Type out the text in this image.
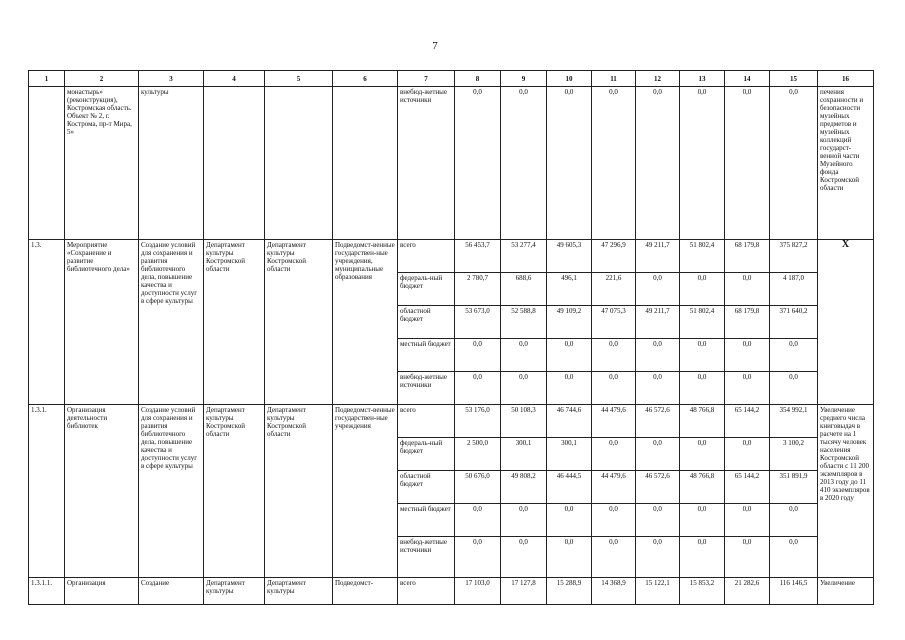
7
1	2	3	4	5	6	7	8	9	10	11	12	13	14	15	16
	монастырь» (реконструкция), Костромская область. Объект № 2, г. Кострома, пр-т Мира, 5»	культуры				внебюд-жетные источники	0,0	0,0	0,0	0,0	0,0	0,0	0,0	0,0	печения сохранности и безопасности музейных предметов и музейных коллекций государст-венной части Музейного фонда Костромской области
1.3.	Мероприятие «Сохранение и развитие библиотечного дела»	Создание условий для сохранения и развития библиотечного дела, повышение качества и доступности услуг в сфере культуры	Департамент культуры Костромской области	Департамент культуры Костромской области	Подведомст-венные государствен-ные учреждения, муниципальные образования	всего	56 453,7	53 277,4	49 605,3	47 296,9	49 211,7	51 802,4	68 179,8	375 827,2	Х
						федераль-ный бюджет	2 780,7	688,6	496,1	221,6	0,0	0,0	0,0	4 187,0	
						областной бюджет	53 673,0	52 588,8	49 109,2	47 075,3	49 211,7	51 802,4	68 179,8	371 640,2	
						местный бюджет	0,0	0,0	0,0	0,0	0,0	0,0	0,0	0,0	
						внебюд-жетные источники	0,0	0,0	0,0	0,0	0,0	0,0	0,0	0,0	
1.3.1.	Организация деятельности библиотек	Создание условий для сохранения и развития библиотечного дела, повышение качества и доступности услуг в сфере культуры	Департамент культуры Костромской области	Департамент культуры Костромской области	Подведомст-венные государствен-ные учреждения	всего	53 176,0	50 108,3	46 744,6	44 479,6	46 572,6	48 766,8	65 144,2	354 992,1	Увеличение среднего числа книговыдач в расчете на 1 тысячу человек населения Костромской области с 11 200 экземпляров в 2013 году до 11 410 экземпляров в 2020 году
						федераль-ный бюджет	2 500,0	300,1	300,1	0,0	0,0	0,0	0,0	3 100,2	
						областной бюджет	50 676,0	49 808,2	46 444,5	44 479,6	46 572,6	48 766,8	65 144,2	351 891,9	
						местный бюджет	0,0	0,0	0,0	0,0	0,0	0,0	0,0	0,0	
						внебюд-жетные источники	0,0	0,0	0,0	0,0	0,0	0,0	0,0	0,0	
1.3.1.1.	Организация	Создание	Департамент культуры	Департамент культуры	Подведомст-	всего	17 103,0	17 127,8	15 288,9	14 368,9	15 122,1	15 853,2	21 282,6	116 146,5	Увеличение
